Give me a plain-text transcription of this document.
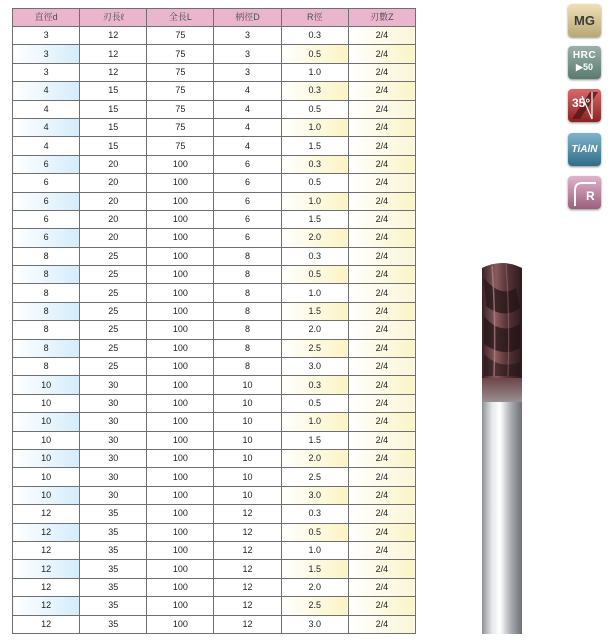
直徑d	刃長ℓ	全長L	柄徑D	R徑	刃數Z
3	12	75	3	0.3	2/4
3	12	75	3	0.5	2/4
3	12	75	3	1.0	2/4
4	15	75	4	0.3	2/4
4	15	75	4	0.5	2/4
4	15	75	4	1.0	2/4
4	15	75	4	1.5	2/4
6	20	100	6	0.3	2/4
6	20	100	6	0.5	2/4
6	20	100	6	1.0	2/4
6	20	100	6	1.5	2/4
6	20	100	6	2.0	2/4
8	25	100	8	0.3	2/4
8	25	100	8	0.5	2/4
8	25	100	8	1.0	2/4
8	25	100	8	1.5	2/4
8	25	100	8	2.0	2/4
8	25	100	8	2.5	2/4
8	25	100	8	3.0	2/4
10	30	100	10	0.3	2/4
10	30	100	10	0.5	2/4
10	30	100	10	1.0	2/4
10	30	100	10	1.5	2/4
10	30	100	10	2.0	2/4
10	30	100	10	2.5	2/4
10	30	100	10	3.0	2/4
12	35	100	12	0.3	2/4
12	35	100	12	0.5	2/4
12	35	100	12	1.0	2/4
12	35	100	12	1.5	2/4
12	35	100	12	2.0	2/4
12	35	100	12	2.5	2/4
12	35	100	12	3.0	2/4
MG
HRC
▶50
35°
TiAlN
R
